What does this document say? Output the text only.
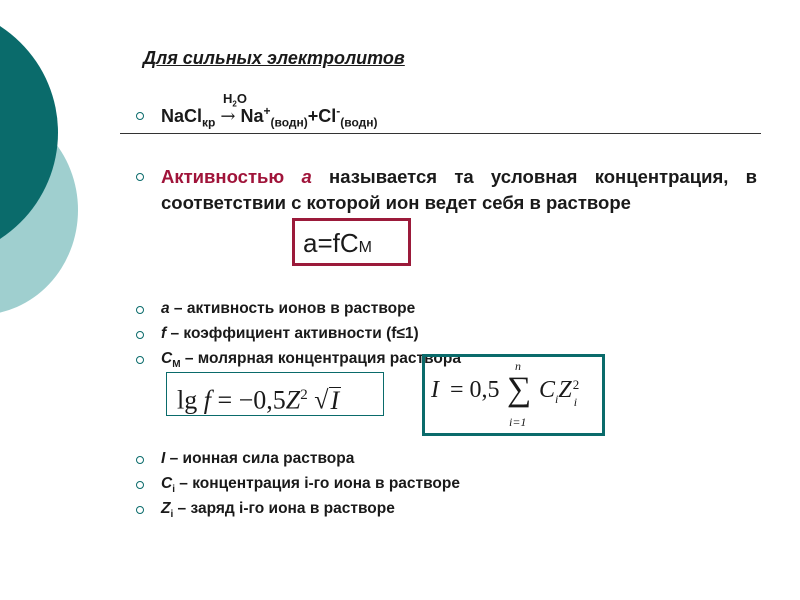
Для сильных электролитов
$H_2O$
NaCl$_{кр}$ → $Na^+_{(водн)}+Cl^-_{(водн)}$
Активностью a называется та условная концентрация, в соответствии с которой ион ведет себя в растворе
a=fCM
a – активность ионов в растворе
f – коэффициент активности (f≤1)
$C_M$ – молярная концентрация раствора
$\lg f = -0,5Z^2$ √I	I = 0,5
n
∑
i=1
$C_iZ$ 2
i
I – ионная сила раствора
$C_i$ – концентрация i-го иона в растворе
$Z_i$ – заряд i-го иона в растворе
